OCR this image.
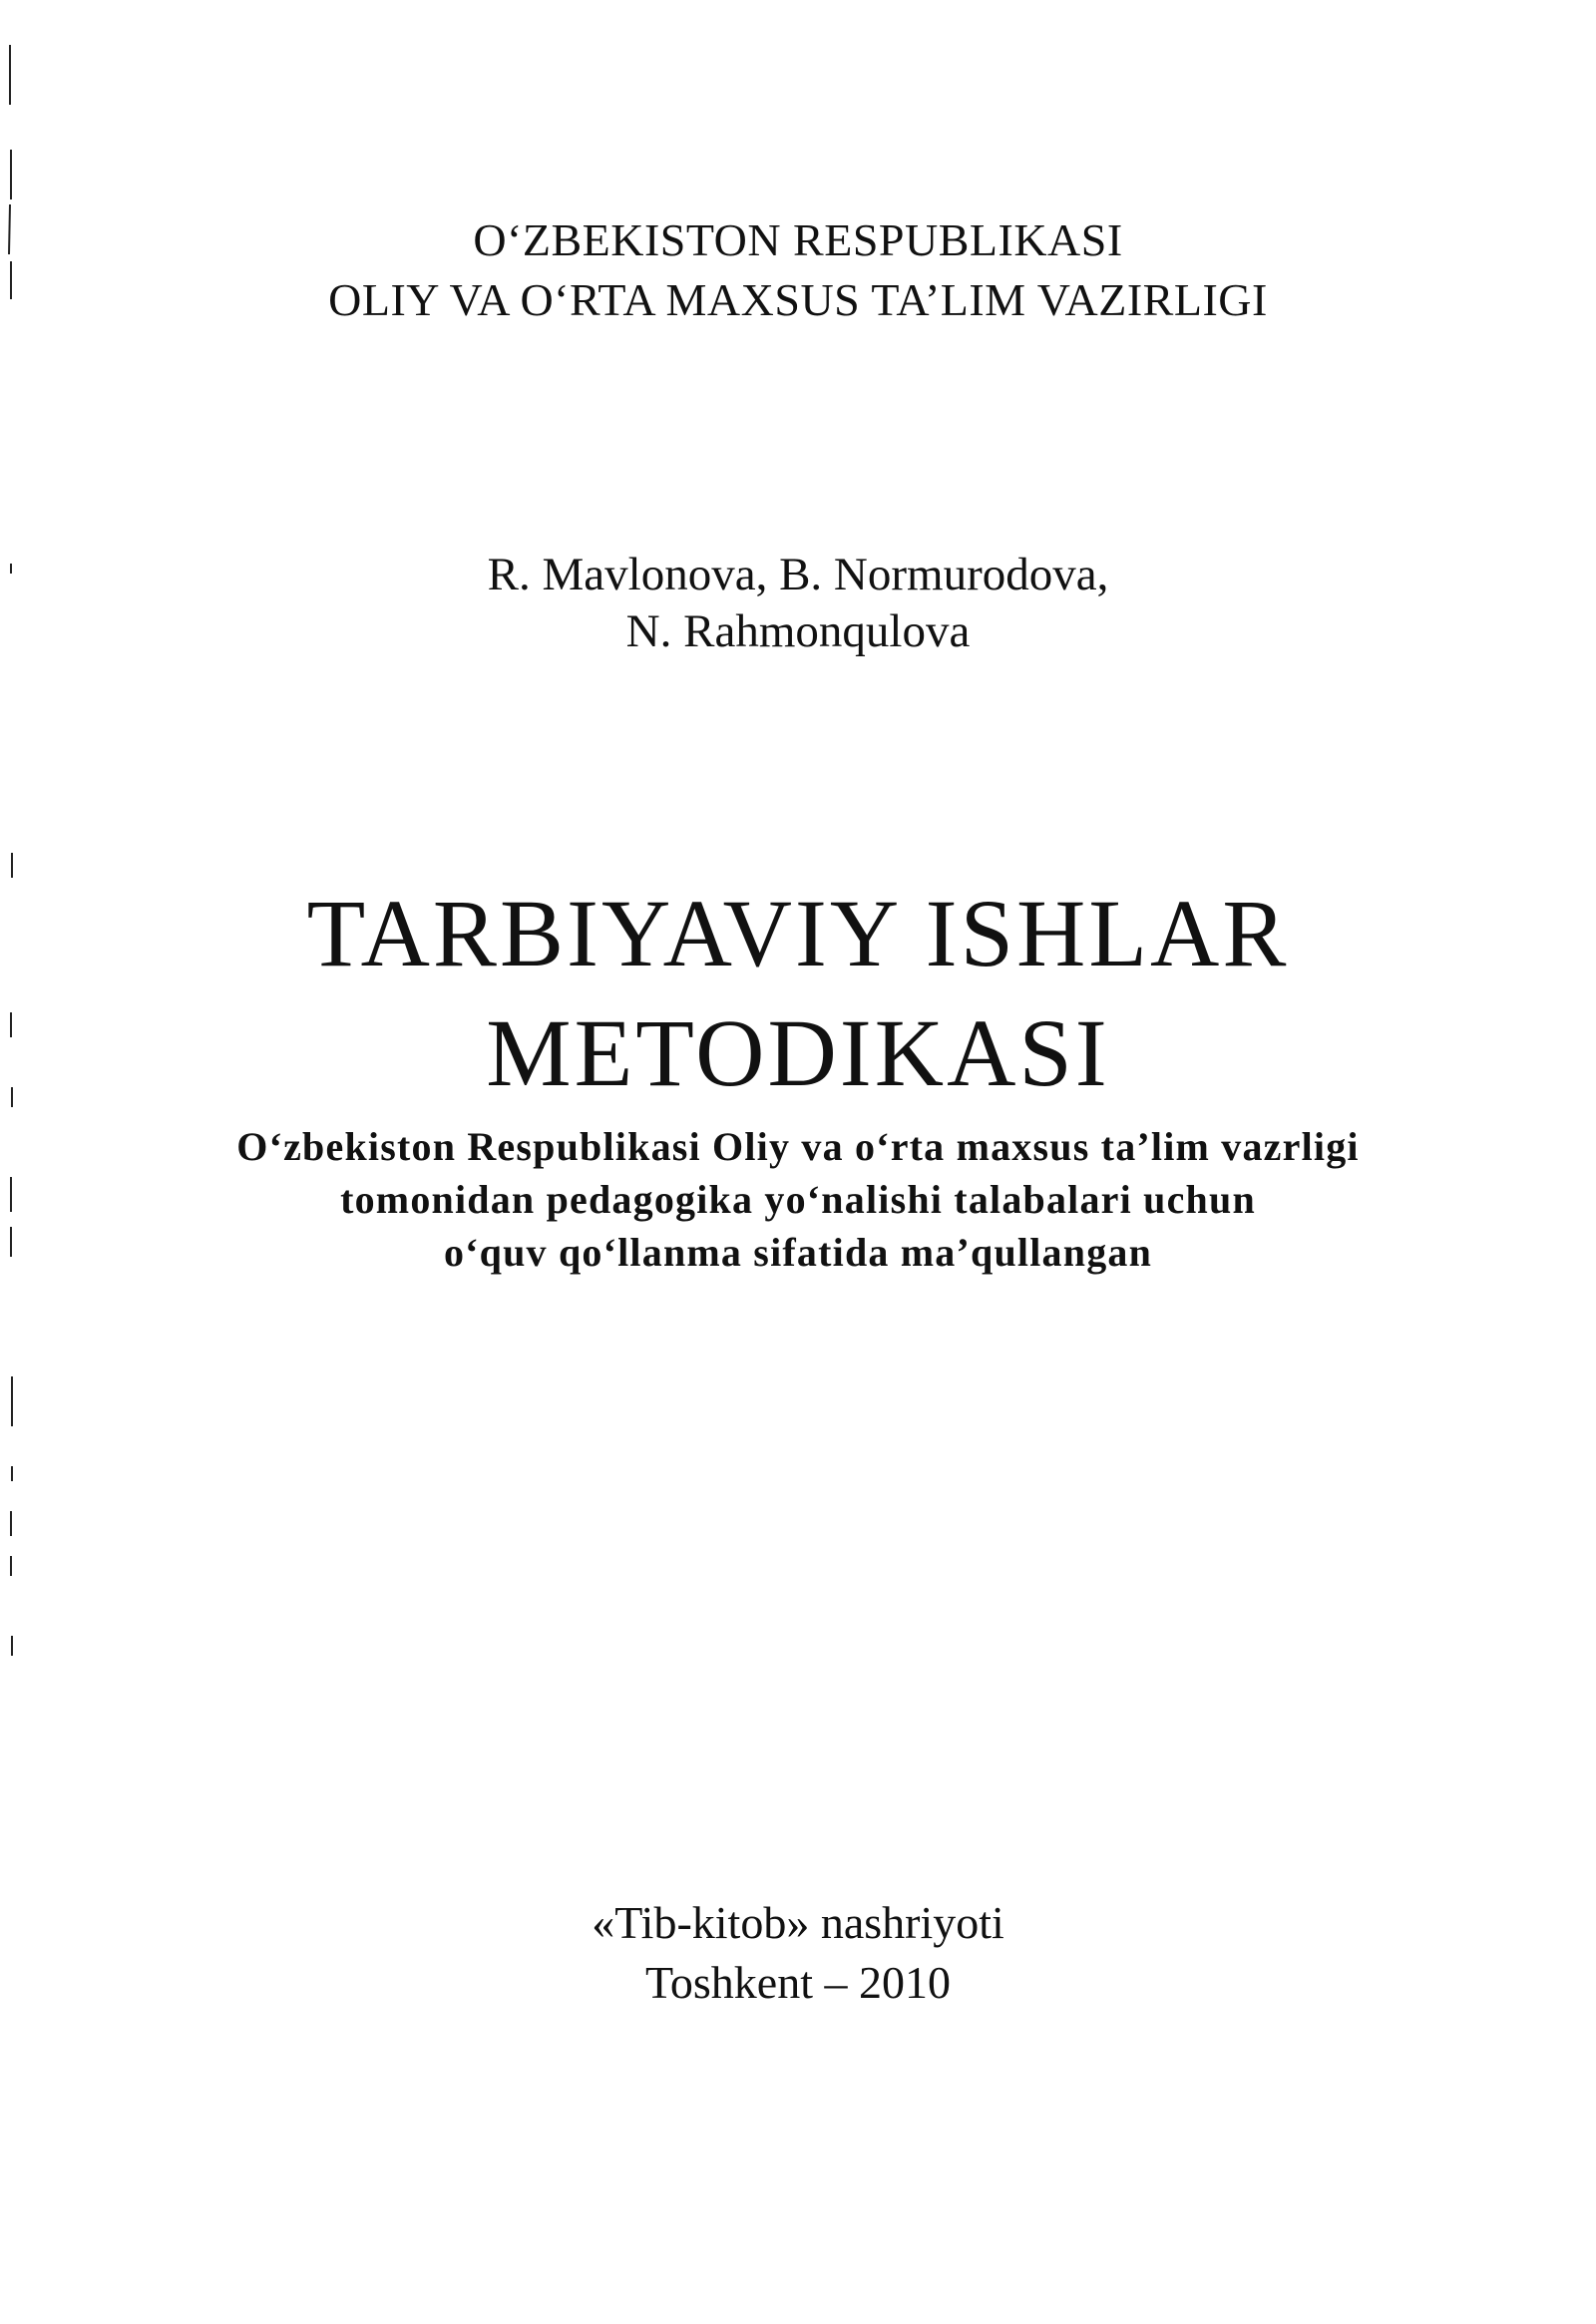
O‘ZBEKISTON RESPUBLIKASI
OLIY VA O‘RTA MAXSUS TA’LIM VAZIRLIGI
R. Mavlonova, B. Normurodova,
N. Rahmonqulova
TARBIYAVIY ISHLAR
METODIKASI
O‘zbekiston Respublikasi Oliy va o‘rta maxsus ta’lim vazrligi
tomonidan pedagogika yo‘nalishi talabalari uchun
o‘quv qo‘llanma sifatida ma’qullangan
«Tib-kitob» nashriyoti
Toshkent – 2010
